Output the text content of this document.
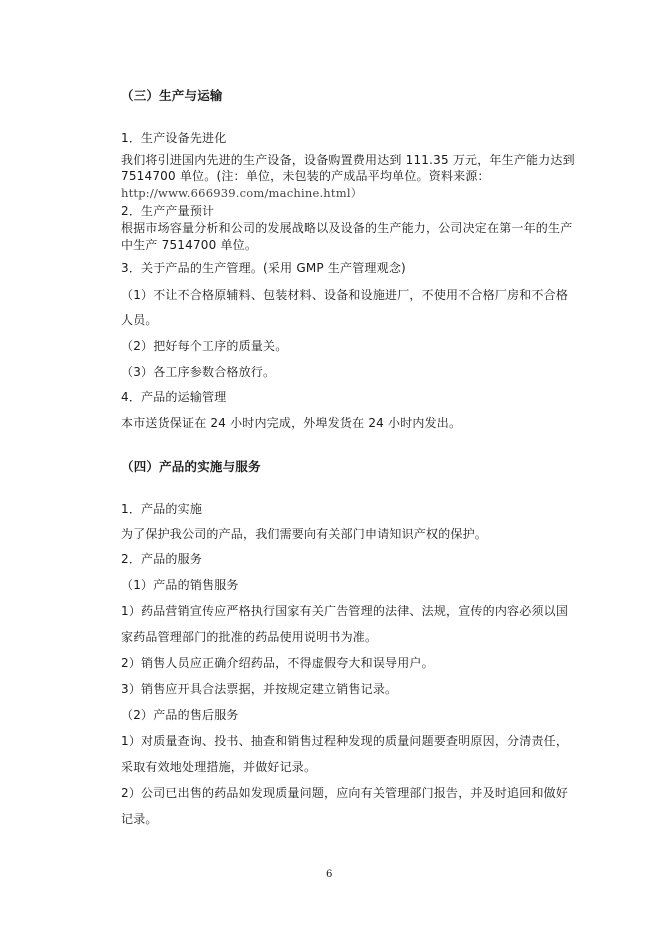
（三）生产与运输
1．生产设备先进化
我们将引进国内先进的生产设备，设备购置费用达到 111.35 万元，年生产能力达到
7514700 单位。(注：单位，未包装的产成品平均单位。资料来源：
http://www.666939.com/machine.html）
2．生产产量预计
根据市场容量分析和公司的发展战略以及设备的生产能力，公司决定在第一年的生产
中生产 7514700 单位。
3．关于产品的生产管理。(采用 GMP 生产管理观念)
（1）不让不合格原辅料、包装材料、设备和设施进厂，不使用不合格厂房和不合格
人员。
（2）把好每个工序的质量关。
（3）各工序参数合格放行。
4．产品的运输管理
本市送货保证在 24 小时内完成，外埠发货在 24 小时内发出。
（四）产品的实施与服务
1．产品的实施
为了保护我公司的产品，我们需要向有关部门申请知识产权的保护。
2．产品的服务
（1）产品的销售服务
1）药品营销宣传应严格执行国家有关广告管理的法律、法规，宣传的内容必须以国
家药品管理部门的批准的药品使用说明书为准。
2）销售人员应正确介绍药品，不得虚假夸大和误导用户。
3）销售应开具合法票据，并按规定建立销售记录。
（2）产品的售后服务
1）对质量查询、投书、抽查和销售过程种发现的质量问题要查明原因，分清责任，
采取有效地处理措施，并做好记录。
2）公司已出售的药品如发现质量问题，应向有关管理部门报告，并及时追回和做好
记录。
6
